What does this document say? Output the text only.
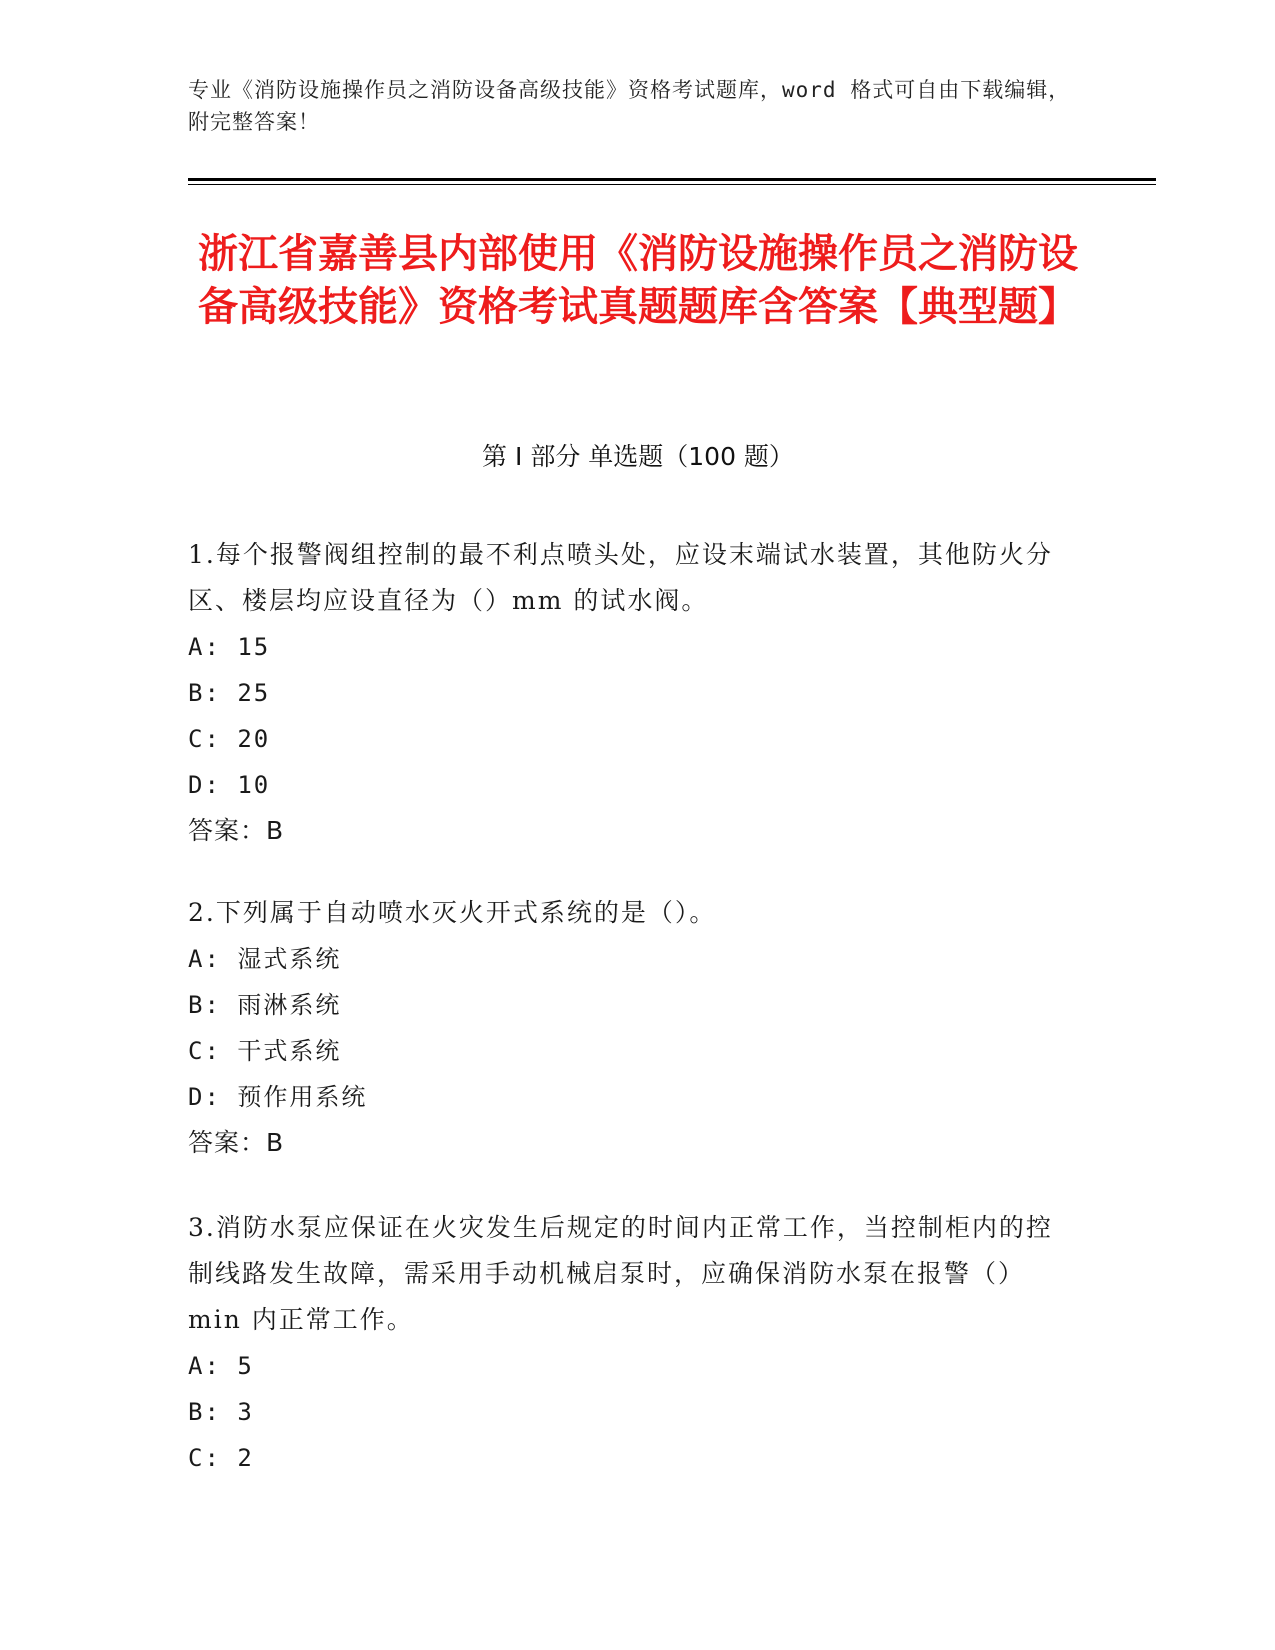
专业《消防设施操作员之消防设备高级技能》资格考试题库，word 格式可自由下载编辑，附完整答案！
浙江省嘉善县内部使用《消防设施操作员之消防设备高级技能》资格考试真题题库含答案【典型题】
第 I 部分 单选题（100 题）

1.每个报警阀组控制的最不利点喷头处，应设末端试水装置，其他防火分区、楼层均应设直径为（）mm 的试水阀。

A: 15

B: 25

C: 20

D: 10

答案：B

2.下列属于自动喷水灭火开式系统的是（）。

A: 湿式系统

B: 雨淋系统

C: 干式系统

D: 预作用系统

答案：B

3.消防水泵应保证在火灾发生后规定的时间内正常工作，当控制柜内的控制线路发生故障，需采用手动机械启泵时，应确保消防水泵在报警（）min 内正常工作。

A: 5

B: 3

C: 2
